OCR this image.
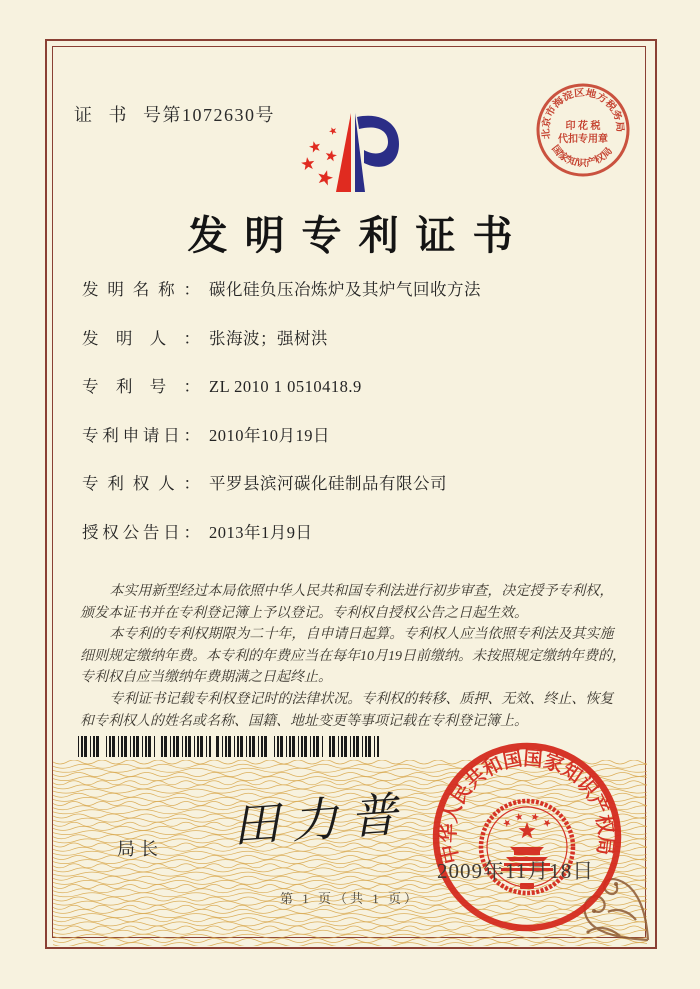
证 书 号第1072630号
北京市海淀区地方税务局
印 花 税
代扣专用章
国家知识产权局
发明专利证书
发 明 名 称 ： 碳化硅负压冶炼炉及其炉气回收方法
发 明 人 ： 张海波；强树洪
专 利 号 ： ZL 2010 1 0510418.9
专 利 申 请 日 ： 2010年10月19日
专 利 权 人 ： 平罗县滨河碳化硅制品有限公司
授 权 公 告 日 ： 2013年1月9日

本实用新型经过本局依照中华人民共和国专利法进行初步审查，决定授予专利权，颁发本证书并在专利登记簿上予以登记。专利权自授权公告之日起生效。

本专利的专利权期限为二十年，自申请日起算。专利权人应当依照专利法及其实施细则规定缴纳年费。本专利的年费应当在每年10月19日前缴纳。未按照规定缴纳年费的，专利权自应当缴纳年费期满之日起终止。

专利证书记载专利权登记时的法律状况。专利权的转移、质押、无效、终止、恢复和专利权人的姓名或名称、国籍、地址变更等事项记载在专利登记簿上。

局长 田力普
中华人民共和国国家知识产权局
2009年11月18日
第 1 页（共 1 页）
